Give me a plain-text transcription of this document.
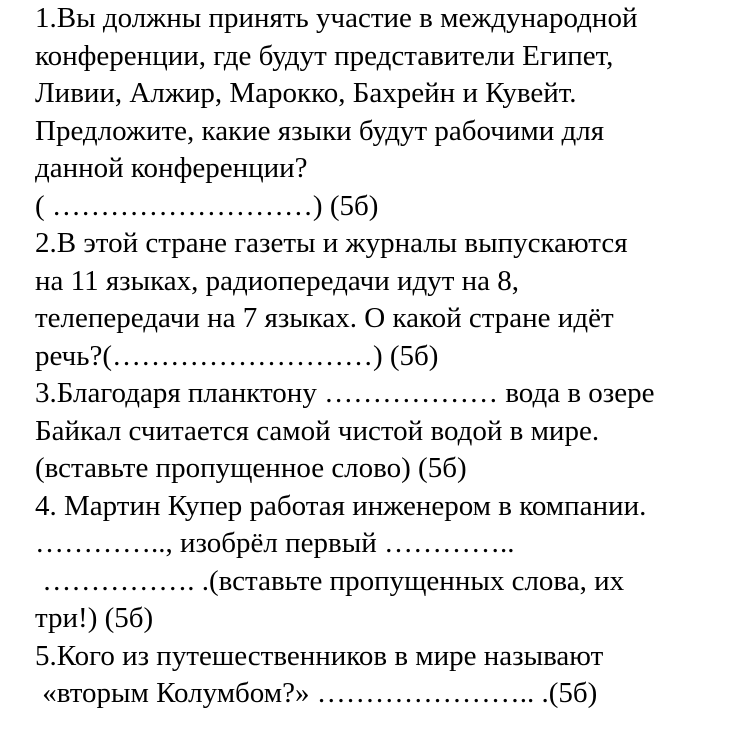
1.Вы должны принять участие в международной
конференции, где будут представители Египет,
Ливии, Алжир, Марокко, Бахрейн и Кувейт.
Предложите, какие языки будут рабочими для
данной конференции?
( ………………………) (5б)
2.В этой стране газеты и журналы выпускаются
на 11 языках, радиопередачи идут на 8,
телепередачи на 7 языках. О какой стране идёт
речь?(………………………) (5б)
3.Благодаря планктону ……………… вода в озере
Байкал считается самой чистой водой в мире.
(вставьте пропущенное слово) (5б)
4. Мартин Купер работая инженером в компании.
………….., изобрёл первый …………..
……………. .(вставьте пропущенных слова, их
три!) (5б)
5.Кого из путешественников в мире называют
«вторым Колумбом?» ………………….. .(5б)
